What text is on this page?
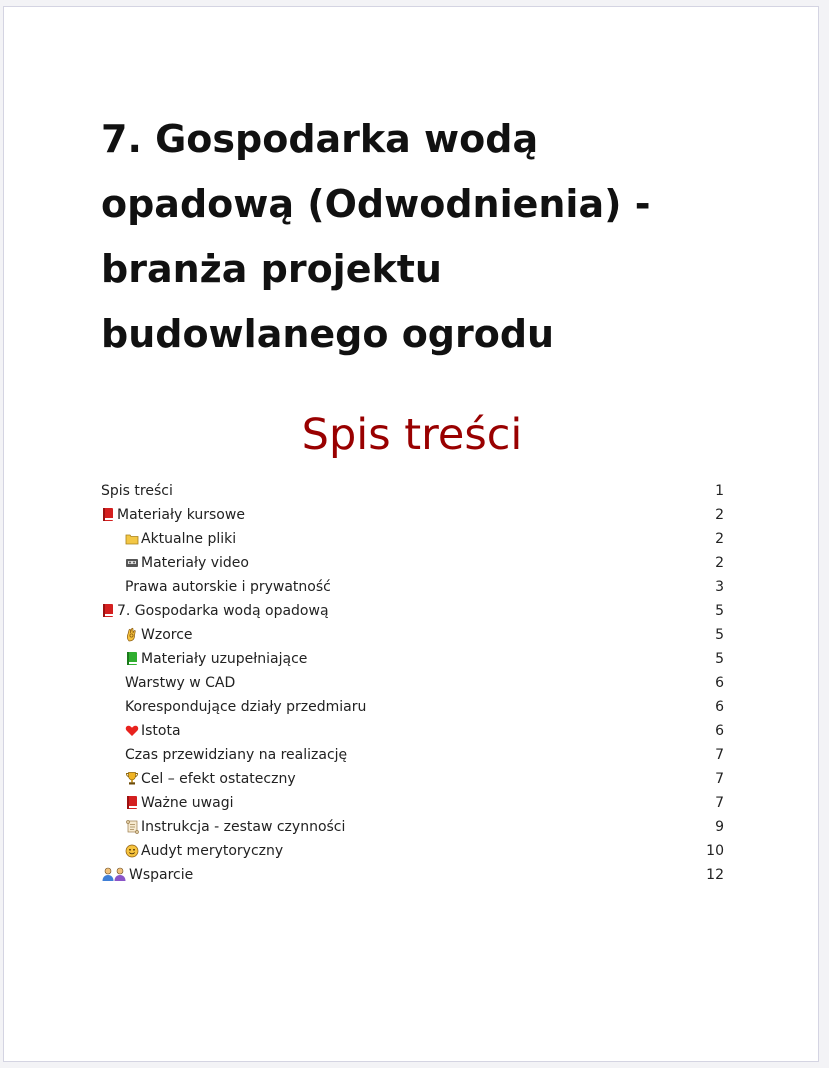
7. Gospodarka wodą opadową (Odwodnienia) - branża projektu budowlanego ogrodu
Spis treści
Spis treści	1
Materiały kursowe	2
Aktualne pliki	2
Materiały video	2
Prawa autorskie i prywatność	3
7. Gospodarka wodą opadową	5
Wzorce	5
Materiały uzupełniające	5
Warstwy w CAD	6
Korespondujące działy przedmiaru	6
Istota	6
Czas przewidziany na realizację	7
Cel – efekt ostateczny	7
Ważne uwagi	7
Instrukcja - zestaw czynności	9
Audyt merytoryczny	10
Wsparcie	12
